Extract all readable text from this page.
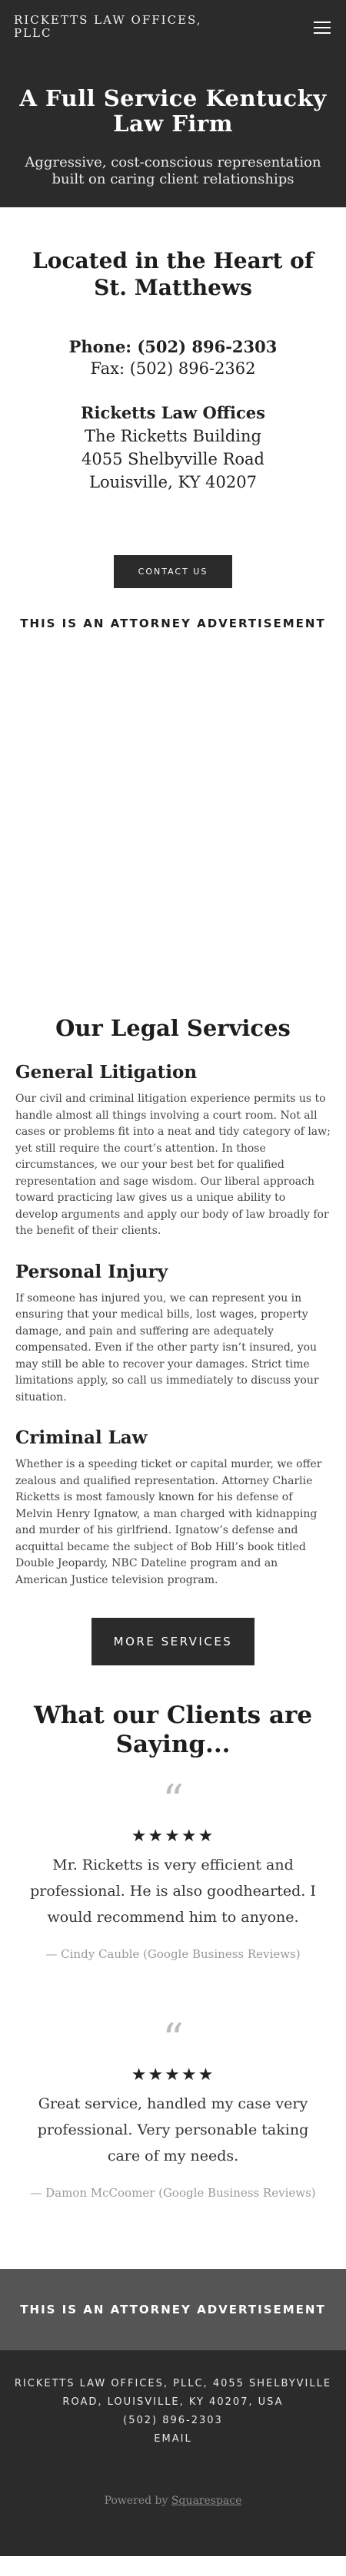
RICKETTS LAW OFFICES, PLLC
A Full Service Kentucky Law Firm

Aggressive, cost-conscious representation built on caring client relationships

Located in the Heart of St. Matthews
Phone: (502) 896-2303
Fax: (502) 896-2362
Ricketts Law Offices
The Ricketts Building
4055 Shelbyville Road
Louisville, KY 40207
CONTACT US
THIS IS AN ATTORNEY ADVERTISEMENT
Our Legal Services
General Litigation

Our civil and criminal litigation experience permits us to handle almost all things involving a court room. Not all cases or problems fit into a neat and tidy category of law; yet still require the court’s attention. In those circumstances, we our your best bet for qualified representation and sage wisdom. Our liberal approach toward practicing law gives us a unique ability to develop arguments and apply our body of law broadly for the benefit of their clients.

Personal Injury

If someone has injured you, we can represent you in ensuring that your medical bills, lost wages, property damage, and pain and suffering are adequately compensated. Even if the other party isn’t insured, you may still be able to recover your damages. Strict time limitations apply, so call us immediately to discuss your situation.

Criminal Law

Whether is a speeding ticket or capital murder, we offer zealous and qualified representation. Attorney Charlie Ricketts is most famously known for his defense of Melvin Henry Ignatow, a man charged with kidnapping and murder of his girlfriend. Ignatow’s defense and acquittal became the subject of Bob Hill’s book titled Double Jeopardy, NBC Dateline program and an American Justice television program.

MORE SERVICES
What our Clients are Saying...
“
★★★★★

Mr. Ricketts is very efficient and professional. He is also goodhearted. I would recommend him to anyone.

— Cindy Cauble (Google Business Reviews)
“
★★★★★

Great service, handled my case very professional. Very personable taking care of my needs.

— Damon McCoomer (Google Business Reviews)
THIS IS AN ATTORNEY ADVERTISEMENT
RICKETTS LAW OFFICES, PLLC, 4055 SHELBYVILLE ROAD, LOUISVILLE, KY 40207, USA
(502) 896-2303
EMAIL
Powered by Squarespace
